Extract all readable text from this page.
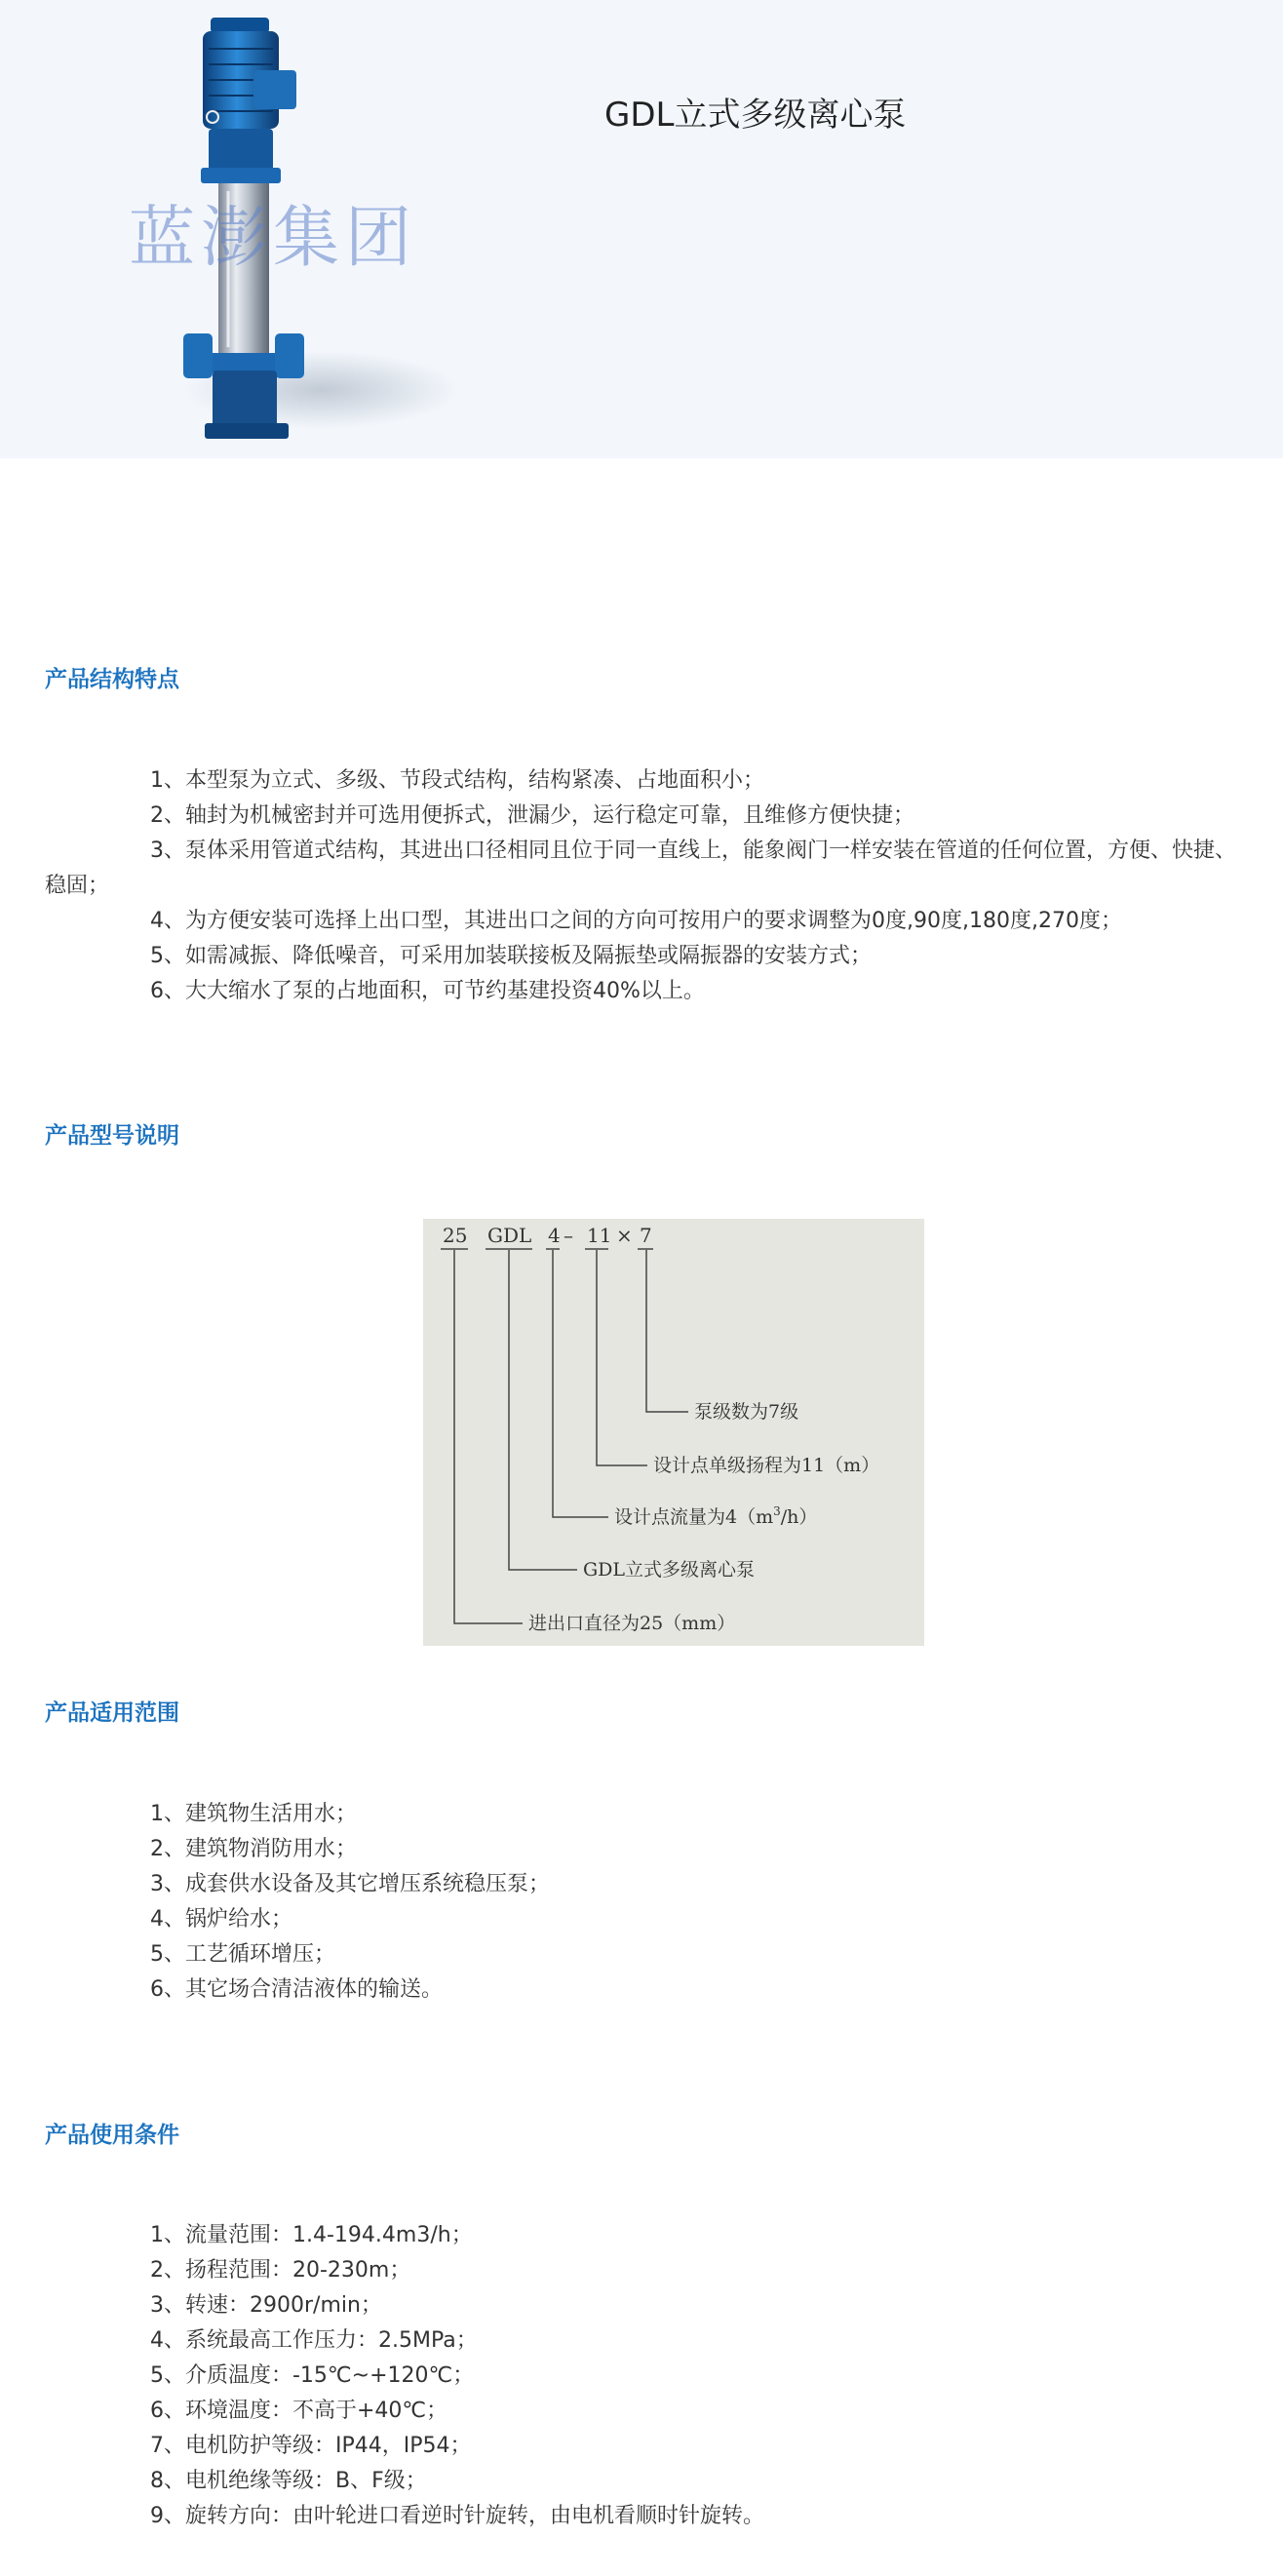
蓝澎集团
GDL立式多级离心泵
产品结构特点
1、本型泵为立式、多级、节段式结构，结构紧凑、占地面积小；
2、轴封为机械密封并可选用便拆式，泄漏少，运行稳定可靠，且维修方便快捷；
3、泵体采用管道式结构，其进出口径相同且位于同一直线上，能象阀门一样安装在管道的任何位置，方便、快捷、稳固；
4、为方便安装可选择上出口型，其进出口之间的方向可按用户的要求调整为0度,90度,180度,270度；
5、如需减振、降低噪音，可采用加装联接板及隔振垫或隔振器的安装方式；
6、大大缩水了泵的占地面积，可节约基建投资40%以上。
产品型号说明
25 GDL 4 – 11 × 7
泵级数为7级
设计点单级扬程为11（m）
设计点流量为$4(m^3/h)$
GDL立式多级离心泵
进出口直径为25（mm）
产品适用范围
1、建筑物生活用水；
2、建筑物消防用水；
3、成套供水设备及其它增压系统稳压泵；
4、锅炉给水；
5、工艺循环增压；
6、其它场合清洁液体的输送。
产品使用条件
1、流量范围：1.4-194.4m3/h；
2、扬程范围：20-230m；
3、转速：2900r/min；
4、系统最高工作压力：2.5MPa；
5、介质温度：-15℃~+120℃；
6、环境温度：不高于+40℃；
7、电机防护等级：IP44，IP54；
8、电机绝缘等级：B、F级；
9、旋转方向：由叶轮进口看逆时针旋转，由电机看顺时针旋转。
